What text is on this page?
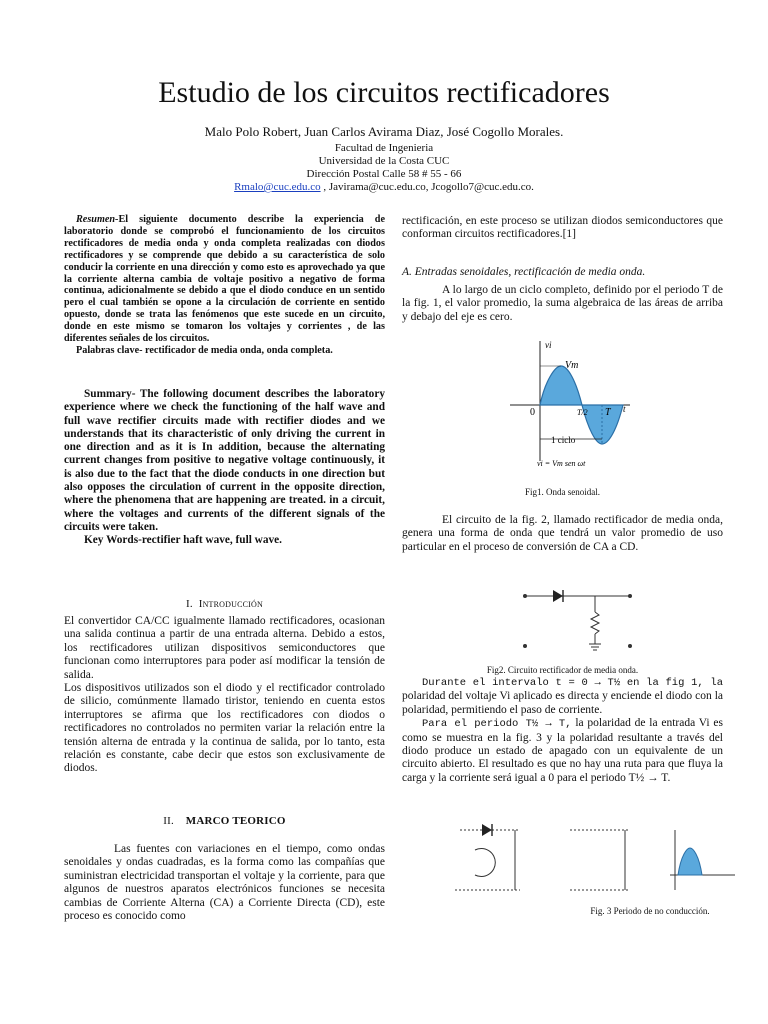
Estudio de los circuitos rectificadores
Malo Polo Robert, Juan Carlos Avirama Diaz, José Cogollo Morales.
Facultad de Ingenieria
Universidad de la Costa CUC
Dirección Postal Calle 58 # 55 - 66
Rmalo@cuc.edu.co , Javirama@cuc.edu.co, Jcogollo7@cuc.edu.co.

Resumen-El siguiente documento describe la experiencia de laboratorio donde se comprobó el funcionamiento de los circuitos rectificadores de media onda y onda completa realizadas con diodos rectificadores y se comprende que debido a su característica de solo conducir la corriente en una dirección y como esto es aprovechado ya que la corriente alterna cambia de voltaje positivo a negativo de forma continua, adicionalmente se debido a que el diodo conduce en un sentido pero el cual también se opone a la circulación de corriente en sentido opuesto, donde se trata las fenómenos que este sucede en un circuito, donde en este mismo se tomaron los voltajes y corrientes , de las diferentes señales de los circuitos.

Palabras clave- rectificador de media onda, onda completa.

Summary- The following document describes the laboratory experience where we check the functioning of the half wave and full wave rectifier circuits made with rectifier diodes and we understands that its characteristic of only driving the current in one direction and as it is In addition, because the alternating current changes from positive to negative voltage continuously, it is also due to the fact that the diode conducts in one direction but also opposes the circulation of current in the opposite direction, where the phenomena that are happening are treated. in a circuit, where the voltages and currents of the different signals of the circuits were taken.

Key Words-rectifier haft wave, full wave.

I. Introducción

El convertidor CA/CC igualmente llamado rectificadores, ocasionan una salida continua a partir de una entrada alterna. Debido a estos, los rectificadores utilizan dispositivos semiconductores que funcionan como interruptores para poder así modificar la tensión de salida.

Los dispositivos utilizados son el diodo y el rectificador controlado de silicio, comúnmente llamado tiristor, teniendo en cuenta estos interruptores se afirma que los rectificadores con diodos o rectificadores no controlados no permiten variar la relación entre la tensión alterna de entrada y la continua de salida, por lo tanto, esta relación es constante, cabe decir que estos son exclusivamente de diodos.

II. MARCO TEORICO

Las fuentes con variaciones en el tiempo, como ondas senoidales y ondas cuadradas, es la forma como las compañías que suministran electricidad transportan el voltaje y la corriente, para que algunos de nuestros aparatos electrónicos funciones se necesita cambias de Corriente Alterna (CA) a Corriente Directa (CD), este proceso es conocido como

rectificación, en este proceso se utilizan diodos semiconductores que conforman circuitos rectificadores.[1]

A. Entradas senoidales, rectificación de media onda.

A lo largo de un ciclo completo, definido por el periodo T de la fig. 1, el valor promedio, la suma algebraica de las áreas de arriba y debajo del eje es cero.

vi
Vm
0	T/2 T t
1 ciclo
vi = Vm sen ωt
Fig1. Onda senoidal.

El circuito de la fig. 2, llamado rectificador de media onda, genera una forma de onda que tendrá un valor promedio de uso particular en el proceso de conversión de CA a CD.

Fig2. Circuito rectificador de media onda.

Durante el intervalo t = 0 → T½ en la fig 1, la polaridad del voltaje Vi aplicado es directa y enciende el diodo con la polaridad, permitiendo el paso de corriente.

Para el periodo T½ → T, la polaridad de la entrada Vi es como se muestra en la fig. 3 y la polaridad resultante a través del diodo produce un estado de apagado con un equivalente de un circuito abierto. El resultado es que no hay una ruta para que fluya la carga y la corriente será igual a 0 para el periodo T½ → T.

Fig. 3 Periodo de no conducción.
